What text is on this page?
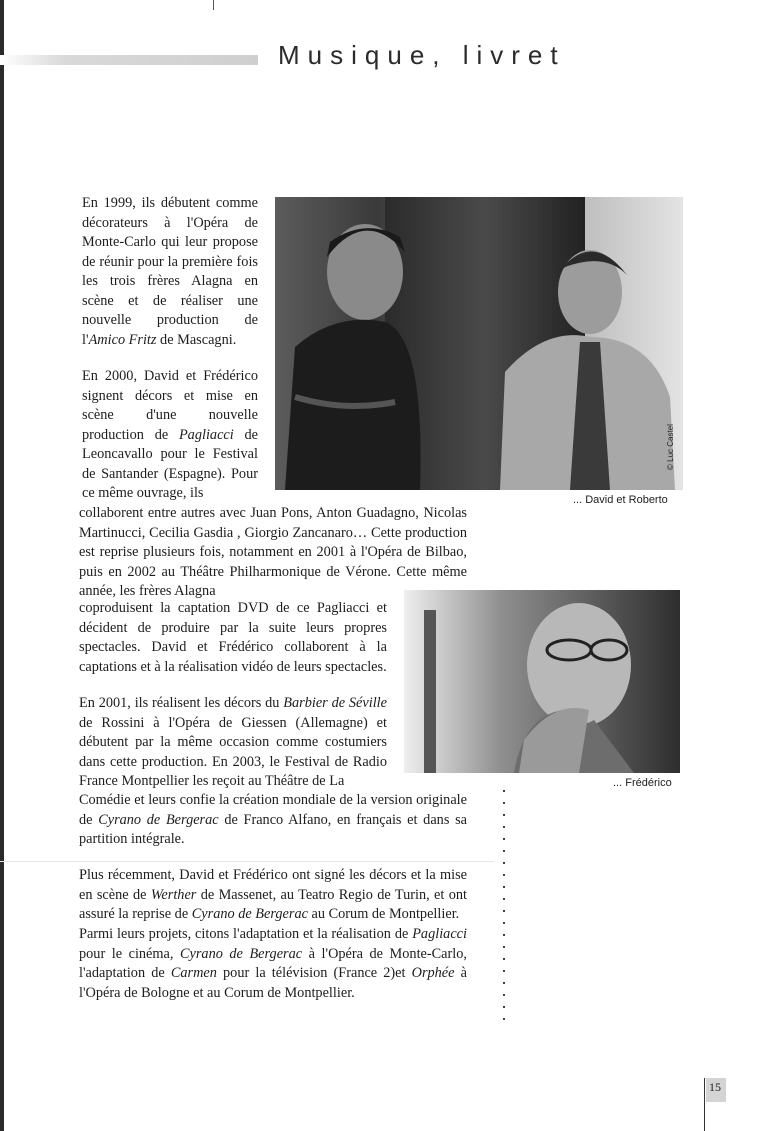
Musique, livret

En 1999, ils débutent comme décorateurs à l'Opéra de Monte-Carlo qui leur propose de réunir pour la première fois les trois frères Alagna en scène et de réaliser une nouvelle production de l'Amico Fritz de Mascagni.

En 2000, David et Frédérico signent décors et mise en scène d'une nouvelle production de Pagliacci de Leoncavallo pour le Festival de Santander (Espagne). Pour ce même ouvrage, ils

collaborent entre autres avec Juan Pons, Anton Guadagno, Nicolas Martinucci, Cecilia Gasdia , Giorgio Zancanaro… Cette production est reprise plusieurs fois, notamment en 2001 à l'Opéra de Bilbao, puis en 2002 au Théâtre Philharmonique de Vérone. Cette même année, les frères Alagna

coproduisent la captation DVD de ce Pagliacci et décident de produire par la suite leurs propres spectacles. David et Frédérico collaborent à la captations et à la réalisation vidéo de leurs spectacles.

En 2001, ils réalisent les décors du Barbier de Séville de Rossini à l'Opéra de Giessen (Allemagne) et débutent par la même occasion comme costumiers dans cette production. En 2003, le Festival de Radio France Montpellier les reçoit au Théâtre de La

Comédie et leurs confie la création mondiale de la version originale de Cyrano de Bergerac de Franco Alfano, en français et dans sa partition intégrale.

Plus récemment, David et Frédérico ont signé les décors et la mise en scène de Werther de Massenet, au Teatro Regio de Turin, et ont assuré la reprise de Cyrano de Bergerac au Corum de Montpellier.

Parmi leurs projets, citons l'adaptation et la réalisation de Pagliacci pour le cinéma, Cyrano de Bergerac à l'Opéra de Monte-Carlo, l'adaptation de Carmen pour la télévision (France 2)et Orphée à l'Opéra de Bologne et au Corum de Montpellier.

© Luc Castel
... David et Roberto
... Frédérico
15
